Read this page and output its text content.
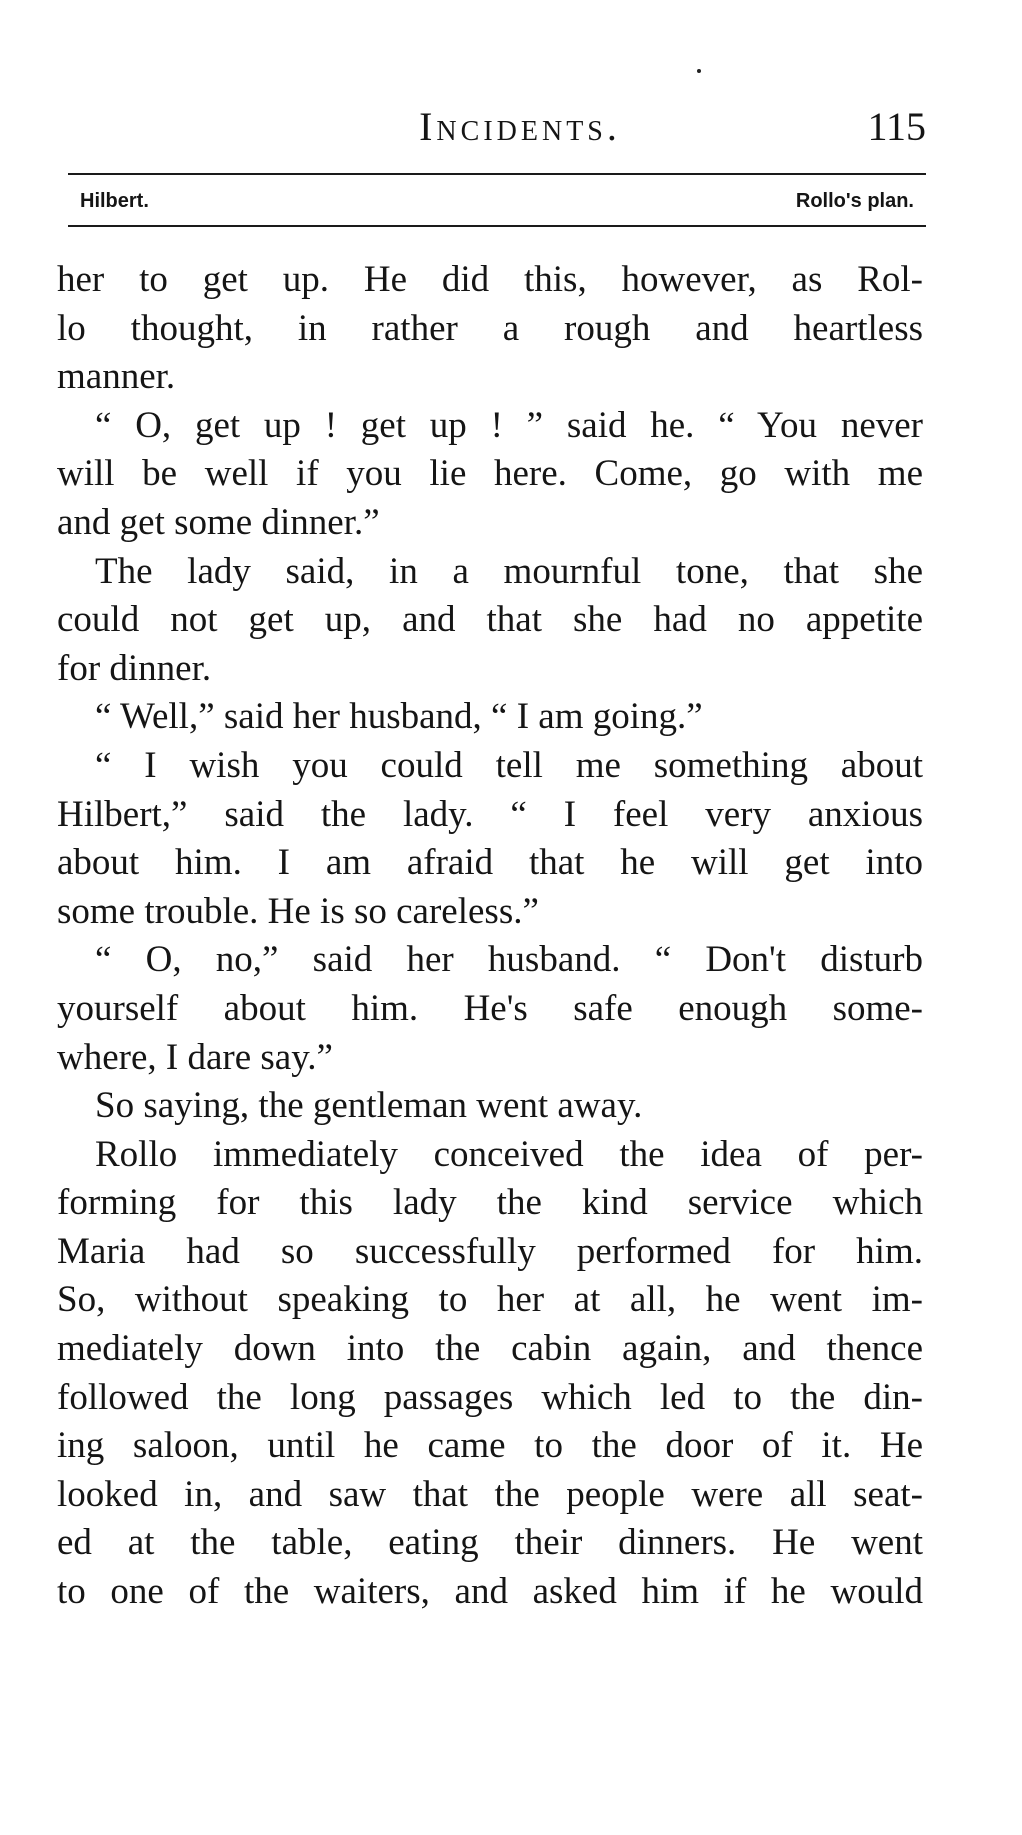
Incidents.	115
Hilbert.	Rollo's plan.
her to get up. He did this, however, as Rol-
lo thought, in rather a rough and heartless
manner.
“ O, get up ! get up ! ” said he. “ You never
will be well if you lie here. Come, go with me
and get some dinner.”
The lady said, in a mournful tone, that she
could not get up, and that she had no appetite
for dinner.
“ Well,” said her husband, “ I am going.”
“ I wish you could tell me something about
Hilbert,” said the lady. “ I feel very anxious
about him. I am afraid that he will get into
some trouble. He is so careless.”
“ O, no,” said her husband. “ Don't disturb
yourself about him. He's safe enough some-
where, I dare say.”
So saying, the gentleman went away.
Rollo immediately conceived the idea of per-
forming for this lady the kind service which
Maria had so successfully performed for him.
So, without speaking to her at all, he went im-
mediately down into the cabin again, and thence
followed the long passages which led to the din-
ing saloon, until he came to the door of it. He
looked in, and saw that the people were all seat-
ed at the table, eating their dinners. He went
to one of the waiters, and asked him if he would
